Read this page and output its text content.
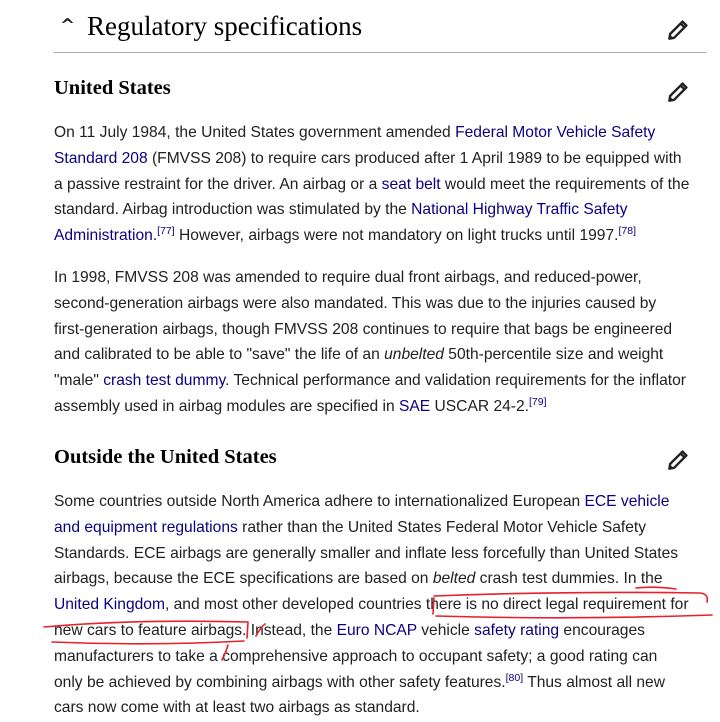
^ Regulatory specifications
United States

On 11 July 1984, the United States government amended Federal Motor Vehicle Safety
Standard 208 (FMVSS 208) to require cars produced after 1 April 1989 to be equipped with
a passive restraint for the driver. An airbag or a seat belt would meet the requirements of the
standard. Airbag introduction was stimulated by the National Highway Traffic Safety
Administration.[77] However, airbags were not mandatory on light trucks until 1997.[78]

In 1998, FMVSS 208 was amended to require dual front airbags, and reduced-power,
second-generation airbags were also mandated. This was due to the injuries caused by
first-generation airbags, though FMVSS 208 continues to require that bags be engineered
and calibrated to be able to "save" the life of an unbelted 50th-percentile size and weight
"male" crash test dummy. Technical performance and validation requirements for the inflator
assembly used in airbag modules are specified in SAE USCAR 24-2.[79]

Outside the United States

Some countries outside North America adhere to internationalized European ECE vehicle
and equipment regulations rather than the United States Federal Motor Vehicle Safety
Standards. ECE airbags are generally smaller and inflate less forcefully than United States
airbags, because the ECE specifications are based on belted crash test dummies. In the
United Kingdom, and most other developed countries there is no direct legal requirement for
new cars to feature airbags. Instead, the Euro NCAP vehicle safety rating encourages
manufacturers to take a comprehensive approach to occupant safety; a good rating can
only be achieved by combining airbags with other safety features.[80] Thus almost all new
cars now come with at least two airbags as standard.
